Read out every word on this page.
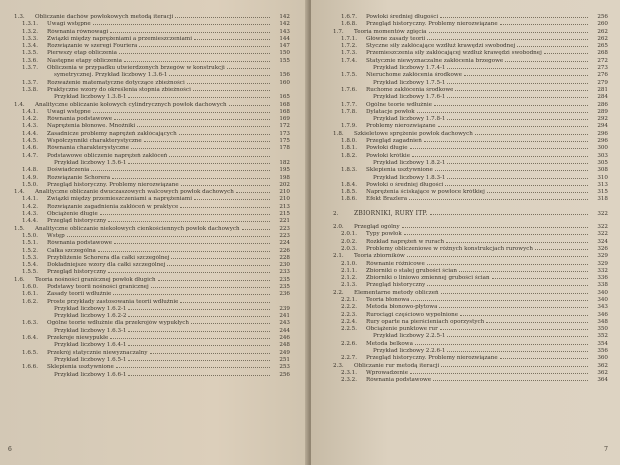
1.3.	Obliczanie dachów powłokowych metodą iteracji	142
1.3.1.	Uwagi wstępne	142
1.3.2.	Równania równowagi	143
1.3.3.	Związki między naprężeniami a przemieszczeniami	144
1.3.4.	Rozwiązanie w szeregi Fouriera	147
1.3.5.	Pierwszy etap obliczenia	150
1.3.6.	Następne etapy obliczenia	155
1.3.7.	Obliczenia w przypadku utwierdzonych brzegów w konstrukcji
symetrycznej. Przykład liczbowy 1.3.6-1	156
1.3.7.	Rozważenie matematyczne dotyczące zbieżności	160
1.3.8.	Praktyczne wzory do określenia stopnia zbieżności
Przykład liczbowy 1.3.8-1	165
1.4.	Analityczne obliczanie kołowych cylindrycznych powłok dachowych	168
1.4.1.	Uwagi wstępne	168
1.4.2.	Równania podstawowe	169
1.4.3.	Naprężenia błonowe. Mnożniki	172
1.4.4.	Zasadnicze problemy naprężeń zakłócających	173
1.4.5.	Współczynniki charakterystyczne	175
1.4.6.	Równania charakterystyczne	178
1.4.7.	Podstawowe obliczenie naprężeń zakłóceń
Przykład liczbowy 1.5.6-1	182
1.4.8.	Doświadczenia	195
1.4.9.	Rozwiązanie Schorera	198
1.5.0.	Przegląd historyczny. Problemy nierozwiązane	202
1.4.	Analityczne obliczanie dwuczaszowych walcowych powłok dachowych	210
1.4.1.	Związki między przemieszczeniami a naprężeniami	210
1.4.2.	Rozwiązanie zagadnienia zakłóceń w praktyce	213
1.4.3.	Obciążenie długie	215
1.4.4.	Przegląd historyczny	221
1.5.	Analityczne obliczanie niekołowych cienkościennych powłok dachowych	223
1.5.0.	Wstęp	223
1.5.1.	Równania podstawowe	224
1.5.2.	Całka szczególna	226
1.5.3.	Przybliżenie Schorera dla całki szczególnej	228
1.5.4.	Dokładniejsze wzory dla całki szczególnej	230
1.5.5.	Przegląd historyczny	233
1.6.	Teoria nośności granicznej powłok długich	235
1.6.0.	Podstawy teorii nośności granicznej	235
1.6.1.	Zasady teorii wdłużnie	236
1.6.2.	Proste przykłady zastosowania teorii wdłużnie
Przykład liczbowy 1.6.2-1	239
Przykład liczbowy 1.6.2-2	241
1.6.3.	Ogólne teorie wdłużnie dla przekrojów wypukłych	243
Przykład liczbowy 1.6.3-1	244
1.6.4.	Przekroje niewypukłe	246
Przykład liczbowy 1.6.4-1	248
1.6.5.	Przekrój statycznie niewyznaczalny	249
Przykład liczbowy 1.6.5-1	251
1.6.6.	Sklepienia usztywnione	253
Przykład liczbowy 1.6.6-1	256
6
1.6.7.	Powłoki średniej długości	256
1.6.8.	Przegląd historyczny. Problemy nierozwiązane	260
1.7.	Teoria momentów zgięcia	262
1.7.1.	Główne zasady teorii	262
1.7.2.	Styczne siły zakłócające wzdłuż krawędzi swobodnej	265
1.7.3.	Przemieszczenia siły zakłócającej wzdłuż krawędzi swobodnej	268
1.7.4.	Statycznie niewyznaczalne zakłócenia brzegowe	272
Przykład liczbowy 1.7.4-1	273
1.7.5.	Nieruchome zakłócenia środkowe	276
Przykład liczbowy 1.7.5-1	279
1.7.6.	Ruchome zakłócenia środkowe	281
Przykład liczbowy 1.7.6-1	284
1.7.7.	Ogólne teorie wdłużnie	286
1.7.8.	Dylatacje powłok	289
Przykład liczbowy 1.7.8-1	292
1.7.9.	Problemy nierozwiązane	294
1.8.	Szkieletowe sprężenie powłok dachowych	296
1.8.0.	Przegląd zagadnień	296
1.8.1.	Powłoki długie	300
1.8.2.	Powłoki krótkie	303
Przykład liczbowy 1.8.2-1	305
1.8.3.	Sklepienia usztywnione	308
Przykład liczbowy 1.8.3-1	310
1.8.4.	Powłoki o średniej długości	313
1.8.5.	Naprężenia ściskające w powłoce krótkiej	315
1.8.6.	Efekt Brazlera	318
2.	ZBIORNIKI, RURY ITP.	322
2.0.	Przegląd ogólny	322
2.0.1.	Typy powłok	322
2.0.2.	Rozkład naprężeń w rurach	324
2.0.3.	Problemy obliczeniowe w różnych konstrukcjach rurowych	326
2.1.	Teoria zbiorników	329
2.1.0.	Równanie różnicowe	329
2.1.1.	Zbiorniki o stałej grubości ścian	332
2.1.2.	Zbiorniki o liniowo zmiennej grubości ścian	336
2.1.3.	Przegląd historyczny	338
2.2.	Elementarne metody obliczeń	340
2.2.1.	Teoria błonowa	340
2.2.2.	Metoda błonowo-płytowa	343
2.2.3.	Rurociągi częściowo wypełnione	346
2.2.4.	Rury oparte na pierścieniach oporzystych	348
2.2.5.	Obciążenie punktowe rur	350
Przykład liczbowy 2.2.5-1	352
2.2.6.	Metoda belkowa	354
Przykład liczbowy 2.2.6-1	356
2.2.7.	Przegląd historyczny. Problemy nierozwiązane	360
2.3.	Obliczanie rur metodą iteracji	362
2.3.1.	Wprowadzenie	362
2.3.2.	Równania podstawowe	364
7
